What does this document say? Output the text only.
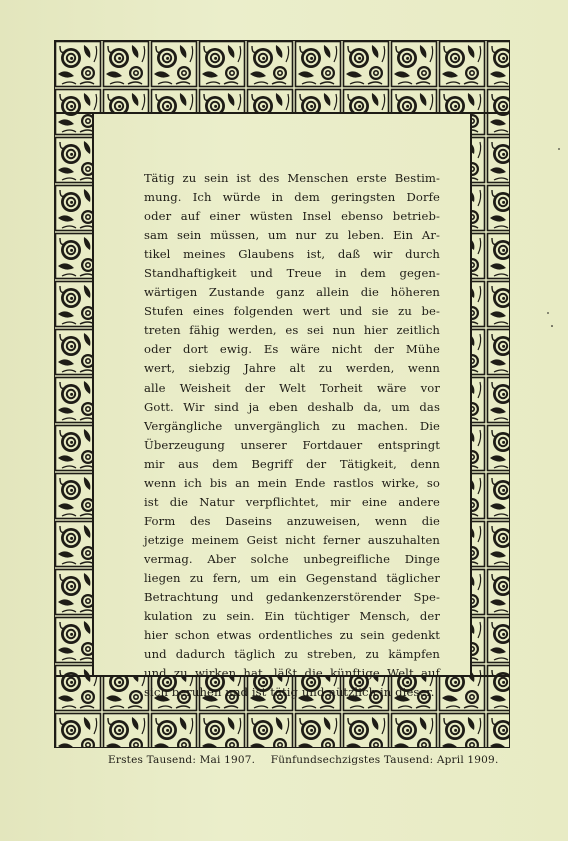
Tätig zu sein ist des Menschen erste Bestim-
mung. Ich würde in dem geringsten Dorfe
oder auf einer wüsten Insel ebenso betrieb-
sam sein müssen, um nur zu leben. Ein Ar-
tikel meines Glaubens ist, daß wir durch
Standhaftigkeit und Treue in dem gegen-
wärtigen Zustande ganz allein die höheren
Stufen eines folgenden wert und sie zu be-
treten fähig werden, es sei nun hier zeitlich
oder dort ewig. Es wäre nicht der Mühe
wert, siebzig Jahre alt zu werden, wenn
alle Weisheit der Welt Torheit wäre vor
Gott. Wir sind ja eben deshalb da, um das
Vergängliche unvergänglich zu machen. Die
Überzeugung unserer Fortdauer entspringt
mir aus dem Begriff der Tätigkeit, denn
wenn ich bis an mein Ende rastlos wirke, so
ist die Natur verpflichtet, mir eine andere
Form des Daseins anzuweisen, wenn die
jetzige meinem Geist nicht ferner auszuhalten
vermag. Aber solche unbegreifliche Dinge
liegen zu fern, um ein Gegenstand täglicher
Betrachtung und gedankenzerstörender Spe-
kulation zu sein. Ein tüchtiger Mensch, der
hier schon etwas ordentliches zu sein gedenkt
und dadurch täglich zu streben, zu kämpfen
und zu wirken hat, läßt die künftige Welt auf
sich beruhen und ist tätig und nützlich in dieser.
Erstes Tausend: Mai 1907. Fünfundsechzigstes Tausend: April 1909.
